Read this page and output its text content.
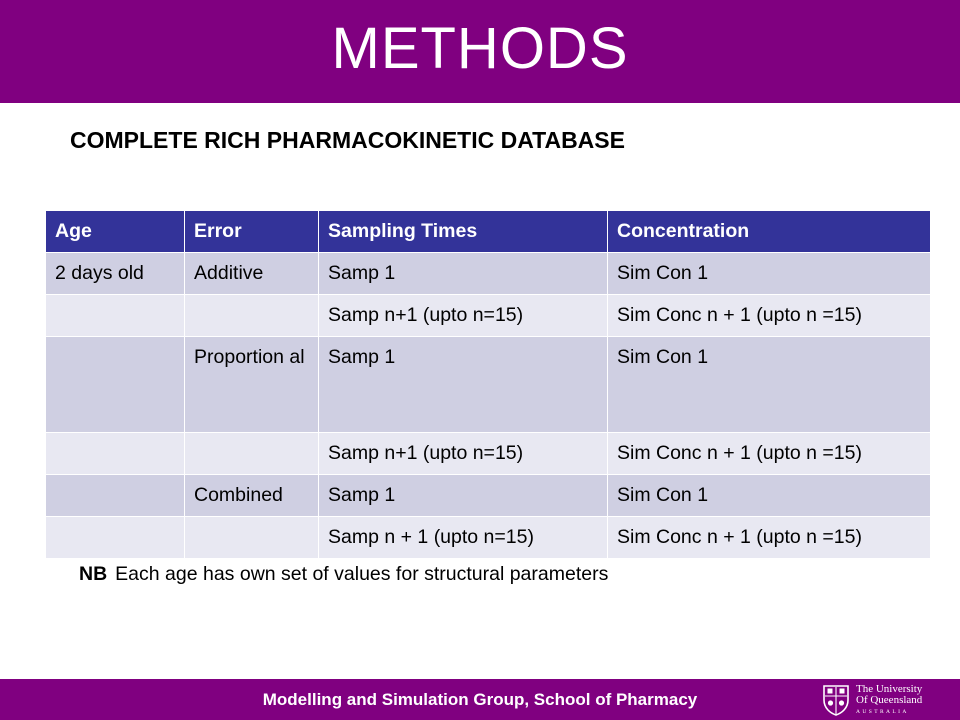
METHODS
COMPLETE RICH PHARMACOKINETIC DATABASE
Age	Error	Sampling Times	Concentration
2 days old	Additive	Samp 1	Sim Con 1
		Samp n+1 (upto n=15)	Sim Conc n + 1 (upto n =15)
	Proportion al	Samp 1	Sim Con 1
		Samp n+1 (upto n=15)	Sim Conc n + 1 (upto n =15)
	Combined	Samp 1	Sim Con 1
		Samp n + 1 (upto n=15)	Sim Conc n + 1 (upto n =15)
NB Each age has own set of values for structural parameters
Modelling and Simulation Group, School of Pharmacy
The University
Of Queensland
AUSTRALIA
